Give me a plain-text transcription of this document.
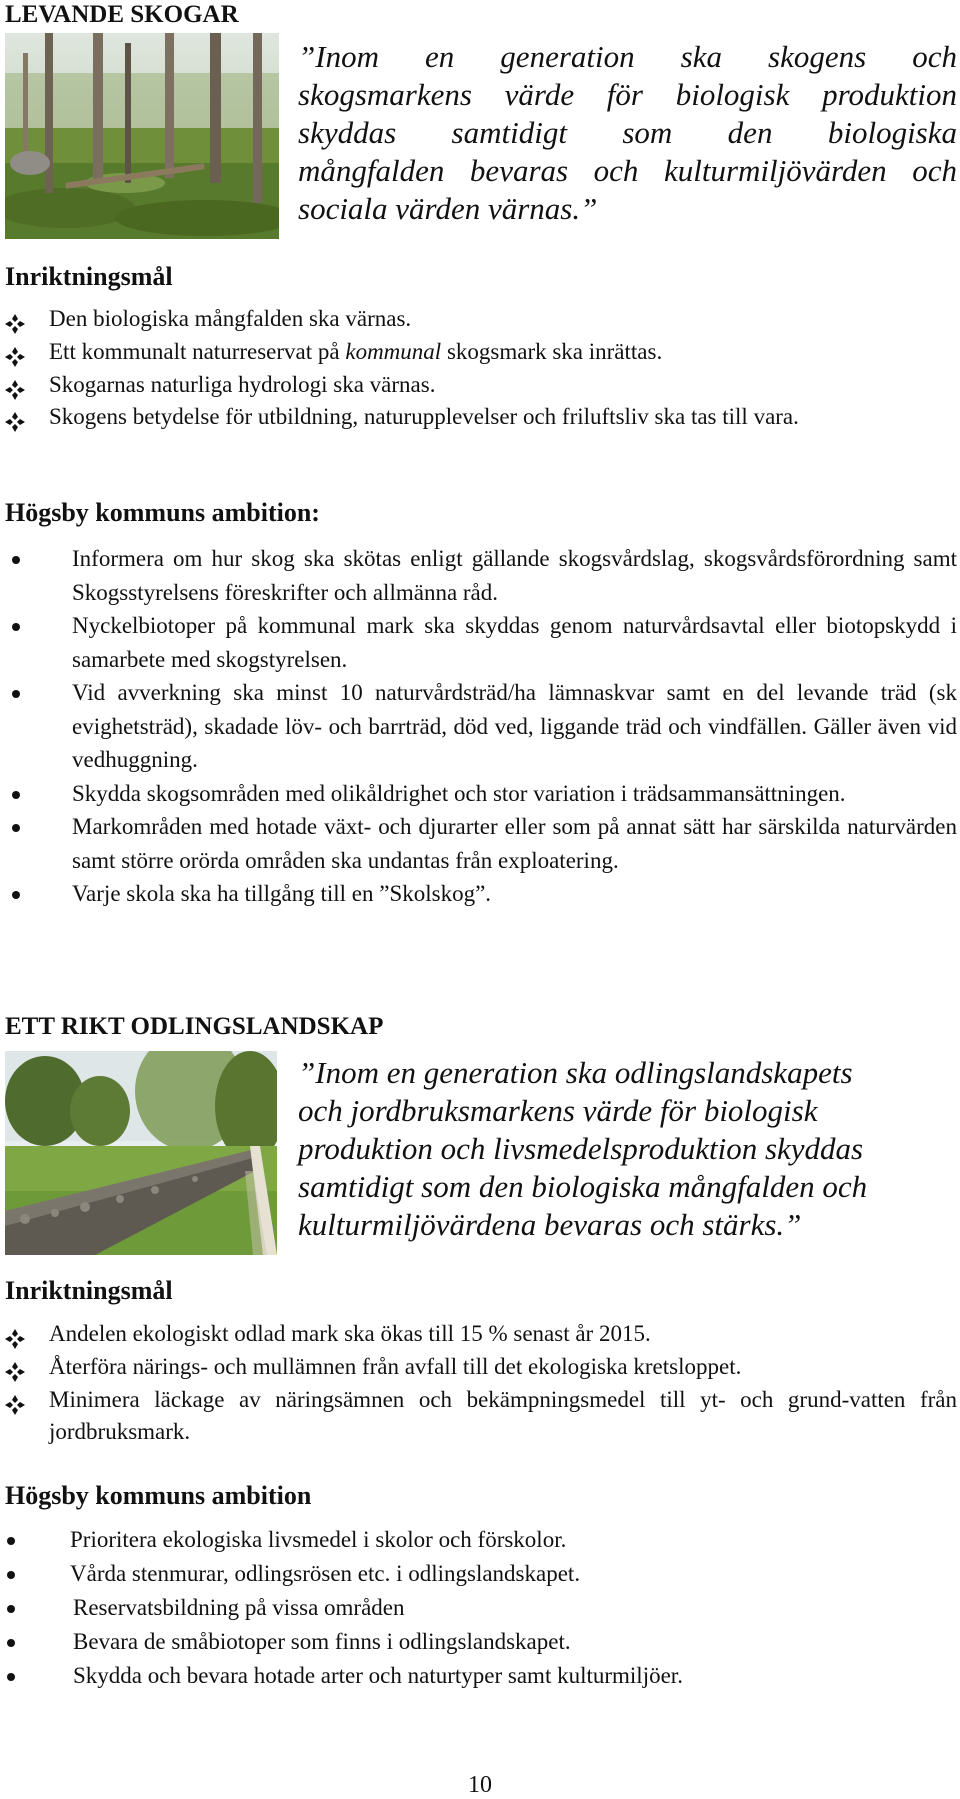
LEVANDE SKOGAR
”Inom en generation ska skogens och
skogsmarkens värde för biologisk produktion
skyddas samtidigt som den biologiska
mångfalden bevaras och kulturmiljövärden och
sociala värden värnas.”
Inriktningsmål
Den biologiska mångfalden ska värnas.
Ett kommunalt naturreservat på kommunal skogsmark ska inrättas.
Skogarnas naturliga hydrologi ska värnas.
Skogens betydelse för utbildning, naturupplevelser och friluftsliv ska tas till vara.
Högsby kommuns ambition:
Informera om hur skog ska skötas enligt gällande skogsvårdslag, skogsvårdsförordning samt Skogsstyrelsens föreskrifter och allmänna råd.
Nyckelbiotoper på kommunal mark ska skyddas genom naturvårdsavtal eller biotopskydd i samarbete med skogstyrelsen.
Vid avverkning ska minst 10 naturvårdsträd/ha lämnaskvar samt en del levande träd (sk evighetsträd), skadade löv- och barrträd, död ved, liggande träd och vindfällen. Gäller även vid vedhuggning.
Skydda skogsområden med olikåldrighet och stor variation i trädsammansättningen.
Markområden med hotade växt- och djurarter eller som på annat sätt har särskilda naturvärden samt större orörda områden ska undantas från exploatering.
Varje skola ska ha tillgång till en ”Skolskog”.
ETT RIKT ODLINGSLANDSKAP
”Inom en generation ska odlingslandskapets
och jordbruksmarkens värde för biologisk
produktion och livsmedelsproduktion skyddas
samtidigt som den biologiska mångfalden och
kulturmiljövärdena bevaras och stärks.”
Inriktningsmål
Andelen ekologiskt odlad mark ska ökas till 15 % senast år 2015.
Återföra närings- och mullämnen från avfall till det ekologiska kretsloppet.
Minimera läckage av näringsämnen och bekämpningsmedel till yt- och grund-vatten från jordbruksmark.
Högsby kommuns ambition
Prioritera ekologiska livsmedel i skolor och förskolor.
Vårda stenmurar, odlingsrösen etc. i odlingslandskapet.
Reservatsbildning på vissa områden
Bevara de småbiotoper som finns i odlingslandskapet.
Skydda och bevara hotade arter och naturtyper samt kulturmiljöer.
10
